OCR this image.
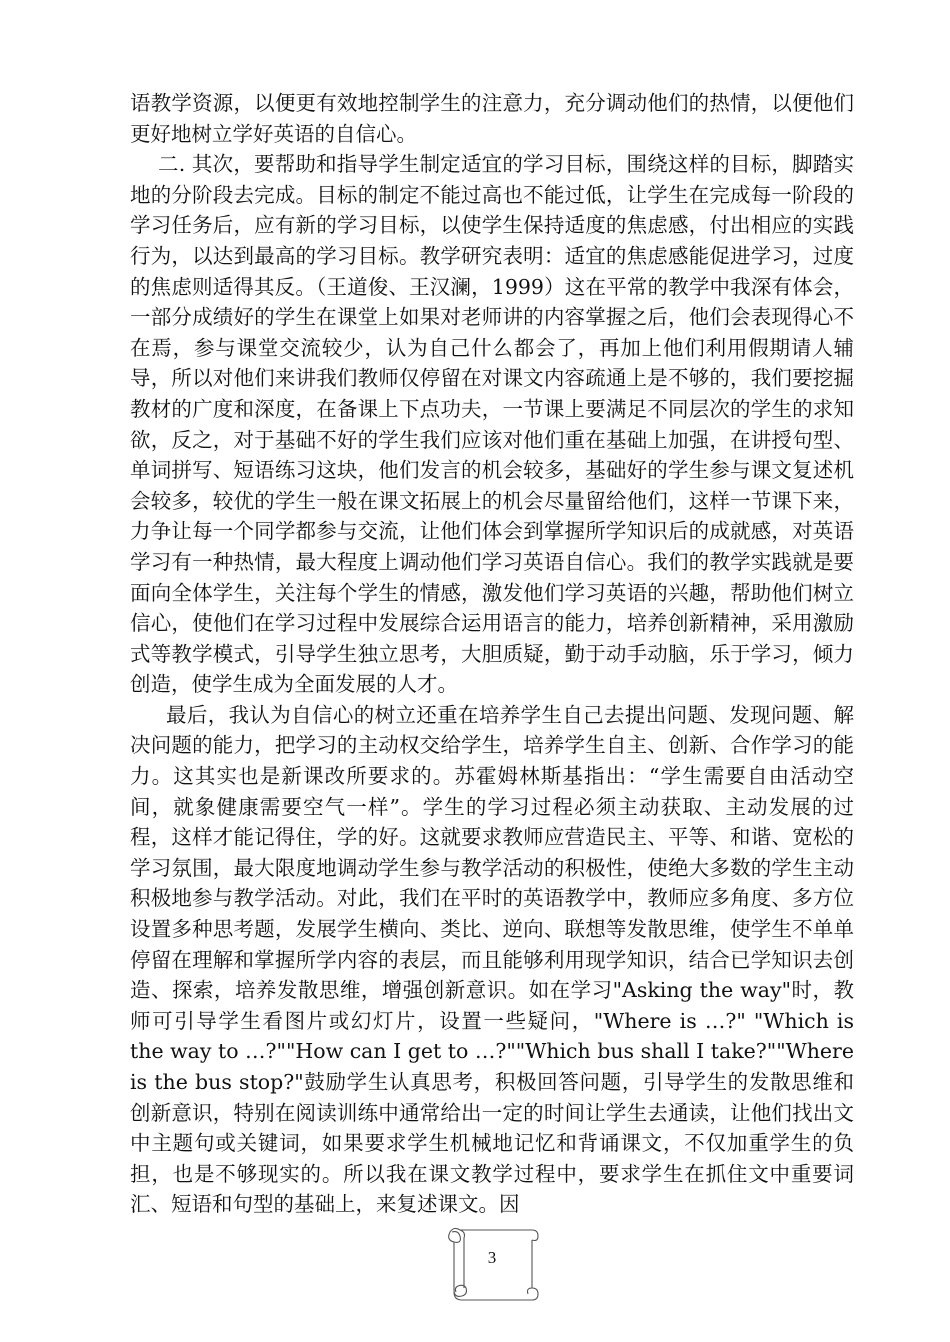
语教学资源，以便更有效地控制学生的注意力，充分调动他们的热情，以便他们更好地树立学好英语的自信心。

二. 其次，要帮助和指导学生制定适宜的学习目标，围绕这样的目标，脚踏实地的分阶段去完成。目标的制定不能过高也不能过低，让学生在完成每一阶段的学习任务后，应有新的学习目标，以使学生保持适度的焦虑感，付出相应的实践行为，以达到最高的学习目标。教学研究表明：适宜的焦虑感能促进学习，过度的焦虑则适得其反。（王道俊、王汉澜，1999）这在平常的教学中我深有体会，一部分成绩好的学生在课堂上如果对老师讲的内容掌握之后，他们会表现得心不在焉，参与课堂交流较少，认为自己什么都会了，再加上他们利用假期请人辅导，所以对他们来讲我们教师仅停留在对课文内容疏通上是不够的，我们要挖掘教材的广度和深度，在备课上下点功夫，一节课上要满足不同层次的学生的求知欲，反之，对于基础不好的学生我们应该对他们重在基础上加强，在讲授句型、单词拼写、短语练习这块，他们发言的机会较多，基础好的学生参与课文复述机会较多，较优的学生一般在课文拓展上的机会尽量留给他们，这样一节课下来，力争让每一个同学都参与交流，让他们体会到掌握所学知识后的成就感，对英语学习有一种热情，最大程度上调动他们学习英语自信心。我们的教学实践就是要面向全体学生，关注每个学生的情感，激发他们学习英语的兴趣，帮助他们树立信心，使他们在学习过程中发展综合运用语言的能力，培养创新精神，采用激励式等教学模式，引导学生独立思考，大胆质疑，勤于动手动脑，乐于学习，倾力创造，使学生成为全面发展的人才。

最后，我认为自信心的树立还重在培养学生自己去提出问题、发现问题、解决问题的能力，把学习的主动权交给学生，培养学生自主、创新、合作学习的能力。这其实也是新课改所要求的。苏霍姆林斯基指出：“学生需要自由活动空间，就象健康需要空气一样”。学生的学习过程必须主动获取、主动发展的过程，这样才能记得住，学的好。这就要求教师应营造民主、平等、和谐、宽松的学习氛围，最大限度地调动学生参与教学活动的积极性，使绝大多数的学生主动积极地参与教学活动。对此，我们在平时的英语教学中，教师应多角度、多方位设置多种思考题，发展学生横向、类比、逆向、联想等发散思维，使学生不单单停留在理解和掌握所学内容的表层，而且能够利用现学知识，结合已学知识去创造、探索，培养发散思维，增强创新意识。如在学习"Asking the way"时，教师可引导学生看图片或幻灯片，设置一些疑问，"Where is …?" "Which is the way to …?""How can I get to …?""Which bus shall I take?""Where is the bus stop?"鼓励学生认真思考，积极回答问题，引导学生的发散思维和创新意识，特别在阅读训练中通常给出一定的时间让学生去通读，让他们找出文中主题句或关键词，如果要求学生机械地记忆和背诵课文，不仅加重学生的负担，也是不够现实的。所以我在课文教学过程中，要求学生在抓住文中重要词汇、短语和句型的基础上，来复述课文。因

3
